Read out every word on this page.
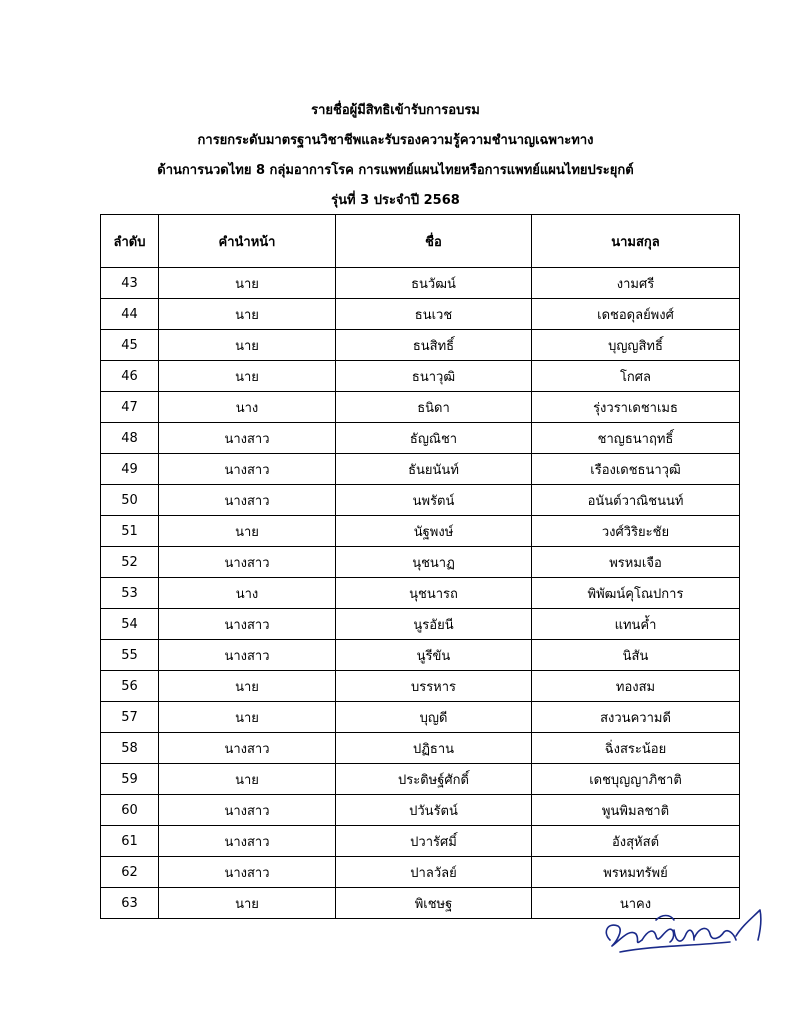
รายชื่อผู้มีสิทธิเข้ารับการอบรม
การยกระดับมาตรฐานวิชาชีพและรับรองความรู้ความชำนาญเฉพาะทาง
ด้านการนวดไทย 8 กลุ่มอาการโรค การแพทย์แผนไทยหรือการแพทย์แผนไทยประยุกต์
รุ่นที่ 3 ประจำปี 2568
ลำดับ	คำนำหน้า	ชื่อ	นามสกุล
43	นาย	ธนวัฒน์	งามศรี
44	นาย	ธนเวช	เดชอดุลย์พงศ์
45	นาย	ธนสิทธิ์	บุญญสิทธิ์
46	นาย	ธนาวุฒิ	โกศล
47	นาง	ธนิดา	รุ่งวราเดชาเมธ
48	นางสาว	ธัญณิชา	ชาญธนาฤทธิ์
49	นางสาว	ธันยนันท์	เรืองเดชธนาวุฒิ
50	นางสาว	นพรัตน์	อนันต์วาณิชนนท์
51	นาย	นัฐพงษ์	วงศ์วิริยะชัย
52	นางสาว	นุชนาฏ	พรหมเจือ
53	นาง	นุชนารถ	พิพัฒน์คุโณปการ
54	นางสาว	นูรอัยนี	แทนค้ำ
55	นางสาว	นูรีขัน	นิสัน
56	นาย	บรรหาร	ทองสม
57	นาย	บุญดี	สงวนความดี
58	นางสาว	ปฏิธาน	ฉิ่งสระน้อย
59	นาย	ประดิษฐ์ศักดิ์	เดชบุญญาภิชาติ
60	นางสาว	ปวันรัตน์	พูนพิมลชาติ
61	นางสาว	ปวารัศมิ์	อังสุหัสต์
62	นางสาว	ปาลวัลย์	พรหมทรัพย์
63	นาย	พิเชษฐ	นาคง
